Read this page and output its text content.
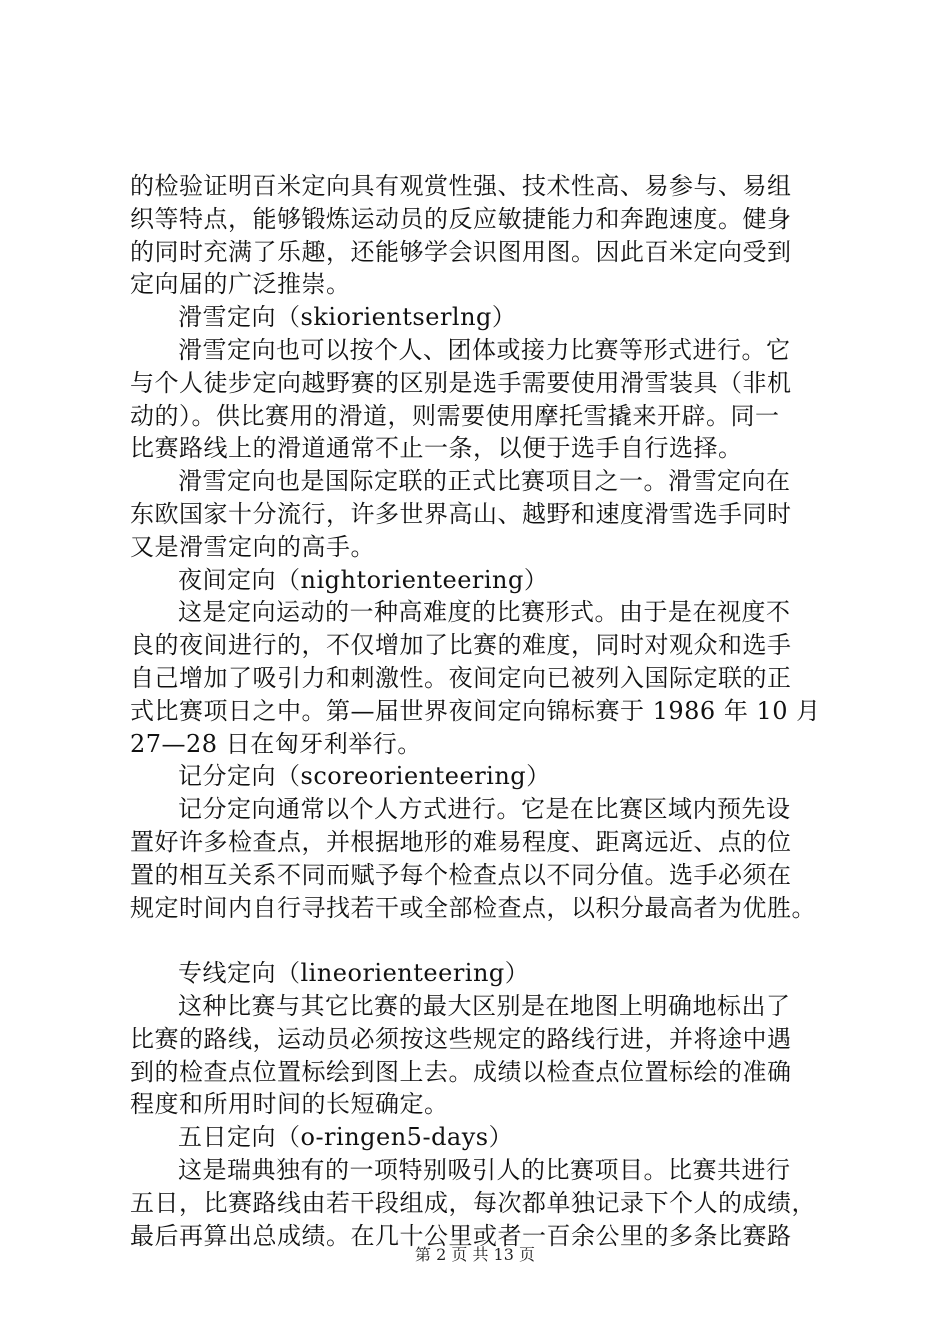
的检验证明百米定向具有观赏性强、技术性高、易参与、易组
织等特点，能够锻炼运动员的反应敏捷能力和奔跑速度。健身
的同时充满了乐趣，还能够学会识图用图。因此百米定向受到
定向届的广泛推崇。
滑雪定向（skiorientserlng）
滑雪定向也可以按个人、团体或接力比赛等形式进行。它
与个人徒步定向越野赛的区别是选手需要使用滑雪装具（非机
动的）。供比赛用的滑道，则需要使用摩托雪撬来开辟。同一
比赛路线上的滑道通常不止一条，以便于选手自行选择。
滑雪定向也是国际定联的正式比赛项目之一。滑雪定向在
东欧国家十分流行，许多世界高山、越野和速度滑雪选手同时
又是滑雪定向的高手。
夜间定向（nightorienteering）
这是定向运动的一种高难度的比赛形式。由于是在视度不
良的夜间进行的，不仅增加了比赛的难度，同时对观众和选手
自己增加了吸引力和刺激性。夜间定向已被列入国际定联的正
式比赛项日之中。第—届世界夜间定向锦标赛于 1986 年 10 月
27—28 日在匈牙利举行。
记分定向（scoreorienteering）
记分定向通常以个人方式进行。它是在比赛区域内预先设
置好许多检查点，并根据地形的难易程度、距离远近、点的位
置的相互关系不同而赋予每个检查点以不同分值。选手必须在
规定时间内自行寻找若干或全部检查点，以积分最高者为优胜。
专线定向（lineorienteering）
这种比赛与其它比赛的最大区别是在地图上明确地标出了
比赛的路线，运动员必须按这些规定的路线行进，并将途中遇
到的检查点位置标绘到图上去。成绩以检查点位置标绘的准确
程度和所用时间的长短确定。
五日定向（o-ringen5-days）
这是瑞典独有的一项特别吸引人的比赛项目。比赛共进行
五日，比赛路线由若干段组成，每次都单独记录下个人的成绩，
最后再算出总成绩。在几十公里或者一百余公里的多条比赛路
第 2 页 共 13 页
